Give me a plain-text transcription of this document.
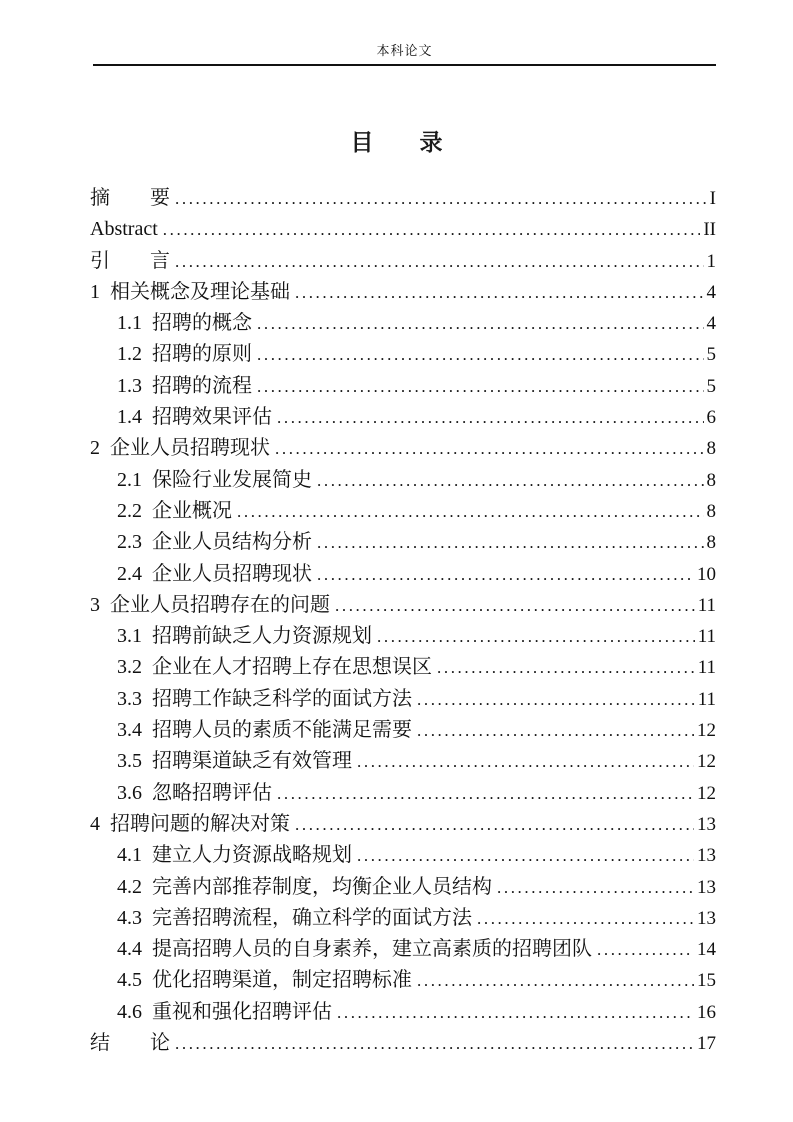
本科论文
目　　录
摘　　要 .....	I
Abstract .....	II
引　　言 .....	1
1 相关概念及理论基础 .....	4
1.1 招聘的概念 .....	4
1.2 招聘的原则 .....	5
1.3 招聘的流程 .....	5
1.4 招聘效果评估 .....	6
2 企业人员招聘现状 .....	8
2.1 保险行业发展简史 .....	8
2.2 企业概况 .....	8
2.3 企业人员结构分析 .....	8
2.4 企业人员招聘现状 .....	10
3 企业人员招聘存在的问题 .....	11
3.1 招聘前缺乏人力资源规划 .....	11
3.2 企业在人才招聘上存在思想误区 .....	11
3.3 招聘工作缺乏科学的面试方法 .....	11
3.4 招聘人员的素质不能满足需要 .....	12
3.5 招聘渠道缺乏有效管理 .....	12
3.6 忽略招聘评估 .....	12
4 招聘问题的解决对策 .....	13
4.1 建立人力资源战略规划 .....	13
4.2 完善内部推荐制度，均衡企业人员结构 .....	13
4.3 完善招聘流程，确立科学的面试方法 .....	13
4.4 提高招聘人员的自身素养，建立高素质的招聘团队 .....	14
4.5 优化招聘渠道，制定招聘标准 .....	15
4.6 重视和强化招聘评估 .....	16
结　　论 .....	17
